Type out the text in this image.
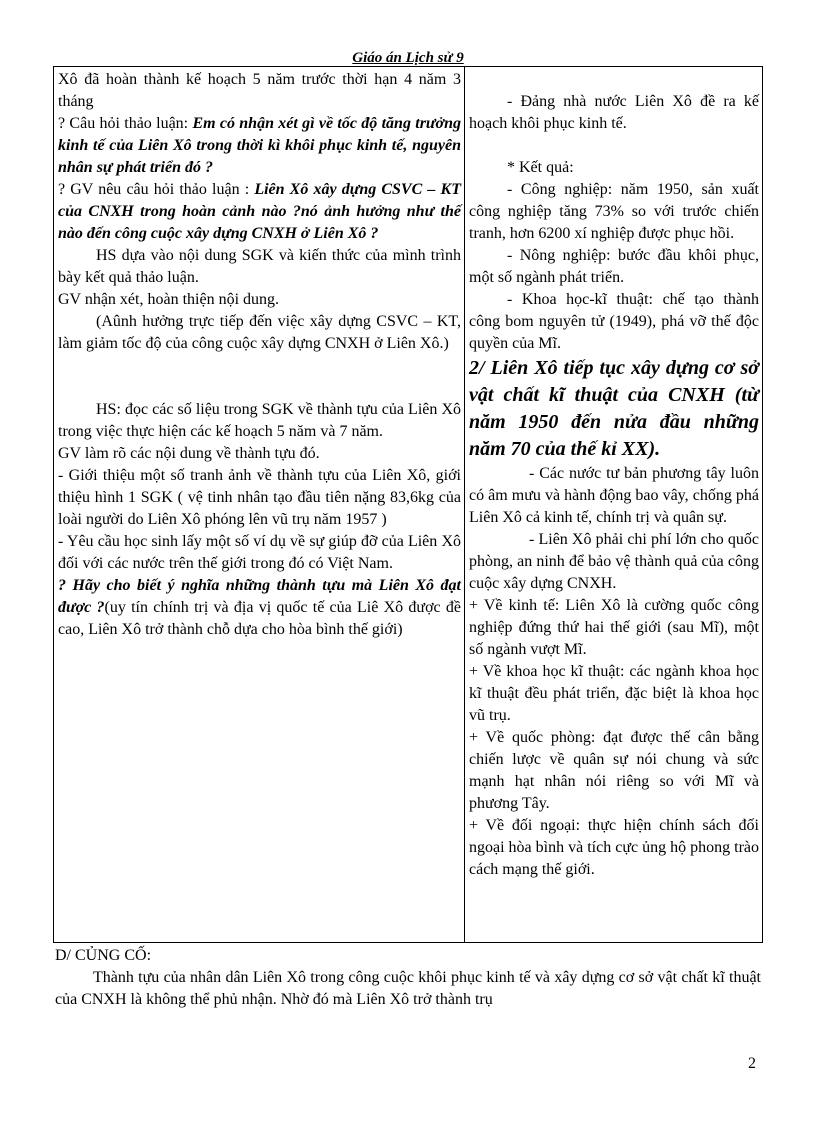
Giáo án Lịch sử 9

Xô đã hoàn thành kế hoạch 5 năm trước thời hạn 4 năm 3 tháng

? Câu hỏi thảo luận: Em có nhận xét gì về tốc độ tăng trưởng kinh tế của Liên Xô trong thời kì khôi phục kinh tế, nguyên nhân sự phát triển đó ?

? GV nêu câu hỏi thảo luận : Liên Xô xây dựng CSVC – KT của CNXH trong hoàn cảnh nào ?nó ảnh hưởng như thế nào đến công cuộc xây dựng CNXH ở Liên Xô ?

HS dựa vào nội dung SGK và kiến thức của mình trình bày kết quả thảo luận.

GV nhận xét, hoàn thiện nội dung.

(Aûnh hưởng trực tiếp đến việc xây dựng CSVC – KT, làm giảm tốc độ của công cuộc xây dựng CNXH ở Liên Xô.)

HS: đọc các số liệu trong SGK về thành tựu của Liên Xô trong việc thực hiện các kế hoạch 5 năm và 7 năm.

GV làm rõ các nội dung về thành tựu đó.

- Giới thiệu một số tranh ảnh về thành tựu của Liên Xô, giới thiệu hình 1 SGK ( vệ tinh nhân tạo đầu tiên nặng 83,6kg của loài người do Liên Xô phóng lên vũ trụ năm 1957 )

- Yêu cầu học sinh lấy một số ví dụ về sự giúp đỡ của Liên Xô đối với các nước trên thế giới trong đó có Việt Nam.

? Hãy cho biết ý nghĩa những thành tựu mà Liên Xô đạt được ?(uy tín chính trị và địa vị quốc tế của Liê Xô được đề cao, Liên Xô trở thành chỗ dựa cho hòa bình thế giới)

- Đảng nhà nước Liên Xô đề ra kế hoạch khôi phục kinh tế.

* Kết quả:

- Công nghiệp: năm 1950, sản xuất công nghiệp tăng 73% so với trước chiến tranh, hơn 6200 xí nghiệp được phục hồi.

- Nông nghiệp: bước đầu khôi phục, một số ngành phát triển.

- Khoa học-kĩ thuật: chế tạo thành công bom nguyên tử (1949), phá vỡ thế độc quyền của Mĩ.

2/ Liên Xô tiếp tục xây dựng cơ sở vật chất kĩ thuật của CNXH (từ năm 1950 đến nửa đầu những năm 70 của thế kỉ XX).

- Các nước tư bản phương tây luôn có âm mưu và hành động bao vây, chống phá Liên Xô cả kinh tế, chính trị và quân sự.

- Liên Xô phải chi phí lớn cho quốc phòng, an ninh để bảo vệ thành quả của công cuộc xây dựng CNXH.

+ Về kinh tế: Liên Xô là cường quốc công nghiệp đứng thứ hai thế giới (sau Mĩ), một số ngành vượt Mĩ.

+ Về khoa học kĩ thuật: các ngành khoa học kĩ thuật đều phát triển, đặc biệt là khoa học vũ trụ.

+ Về quốc phòng: đạt được thế cân bằng chiến lược về quân sự nói chung và sức mạnh hạt nhân nói riêng so với Mĩ và phương Tây.

+ Về đối ngoại: thực hiện chính sách đối ngoại hòa bình và tích cực ủng hộ phong trào cách mạng thế giới.

D/ CỦNG CỐ:

Thành tựu của nhân dân Liên Xô trong công cuộc khôi phục kinh tế và xây dựng cơ sở vật chất kĩ thuật của CNXH là không thể phủ nhận. Nhờ đó mà Liên Xô trở thành trụ

2
